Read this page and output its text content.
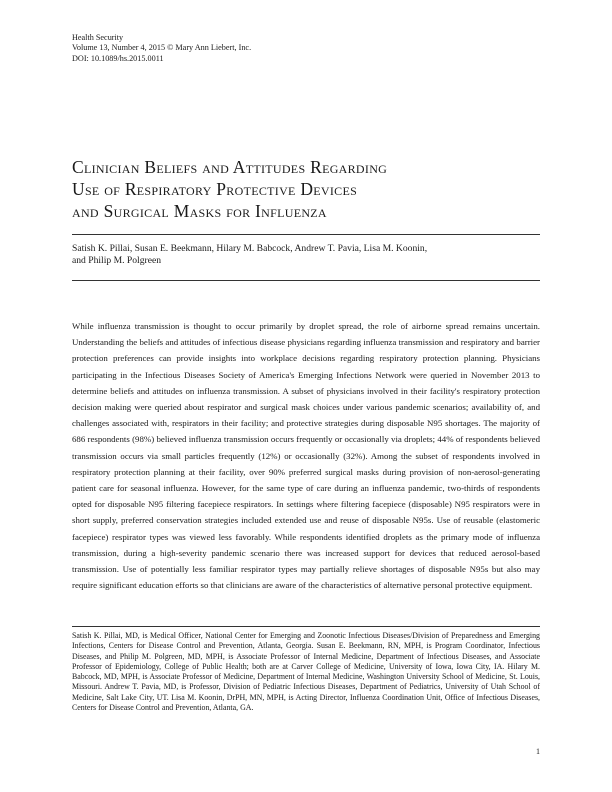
Health Security
Volume 13, Number 4, 2015 © Mary Ann Liebert, Inc.
DOI: 10.1089/hs.2015.0011
Clinician Beliefs and Attitudes Regarding
Use of Respiratory Protective Devices
and Surgical Masks for Influenza
Satish K. Pillai, Susan E. Beekmann, Hilary M. Babcock, Andrew T. Pavia, Lisa M. Koonin,
and Philip M. Polgreen

While influenza transmission is thought to occur primarily by droplet spread, the role of airborne spread remains uncertain. Understanding the beliefs and attitudes of infectious disease physicians regarding influenza transmission and respiratory and barrier protection preferences can provide insights into workplace decisions regarding respiratory protection planning. Physicians participating in the Infectious Diseases Society of America's Emerging Infections Network were queried in November 2013 to determine beliefs and attitudes on influenza transmission. A subset of physicians involved in their facility's respiratory protection decision making were queried about respirator and surgical mask choices under various pandemic scenarios; availability of, and challenges associated with, respirators in their facility; and protective strategies during disposable N95 shortages. The majority of 686 respondents (98%) believed influenza transmission occurs frequently or occasionally via droplets; 44% of respondents believed transmission occurs via small particles frequently (12%) or occasionally (32%). Among the subset of respondents involved in respiratory protection planning at their facility, over 90% preferred surgical masks during provision of non-aerosol-generating patient care for seasonal influenza. However, for the same type of care during an influenza pandemic, two-thirds of respondents opted for disposable N95 filtering facepiece respirators. In settings where filtering facepiece (disposable) N95 respirators were in short supply, preferred conservation strategies included extended use and reuse of disposable N95s. Use of reusable (elastomeric facepiece) respirator types was viewed less favorably. While respondents identified droplets as the primary mode of influenza transmission, during a high-severity pandemic scenario there was increased support for devices that reduced aerosol-based transmission. Use of potentially less familiar respirator types may partially relieve shortages of disposable N95s but also may require significant education efforts so that clinicians are aware of the characteristics of alternative personal protective equipment.

Satish K. Pillai, MD, is Medical Officer, National Center for Emerging and Zoonotic Infectious Diseases/Division of Preparedness and Emerging Infections, Centers for Disease Control and Prevention, Atlanta, Georgia. Susan E. Beekmann, RN, MPH, is Program Coordinator, Infectious Diseases, and Philip M. Polgreen, MD, MPH, is Associate Professor of Internal Medicine, Department of Infectious Diseases, and Associate Professor of Epidemiology, College of Public Health; both are at Carver College of Medicine, University of Iowa, Iowa City, IA. Hilary M. Babcock, MD, MPH, is Associate Professor of Medicine, Department of Internal Medicine, Washington University School of Medicine, St. Louis, Missouri. Andrew T. Pavia, MD, is Professor, Division of Pediatric Infectious Diseases, Department of Pediatrics, University of Utah School of Medicine, Salt Lake City, UT. Lisa M. Koonin, DrPH, MN, MPH, is Acting Director, Influenza Coordination Unit, Office of Infectious Diseases, Centers for Disease Control and Prevention, Atlanta, GA.

1
